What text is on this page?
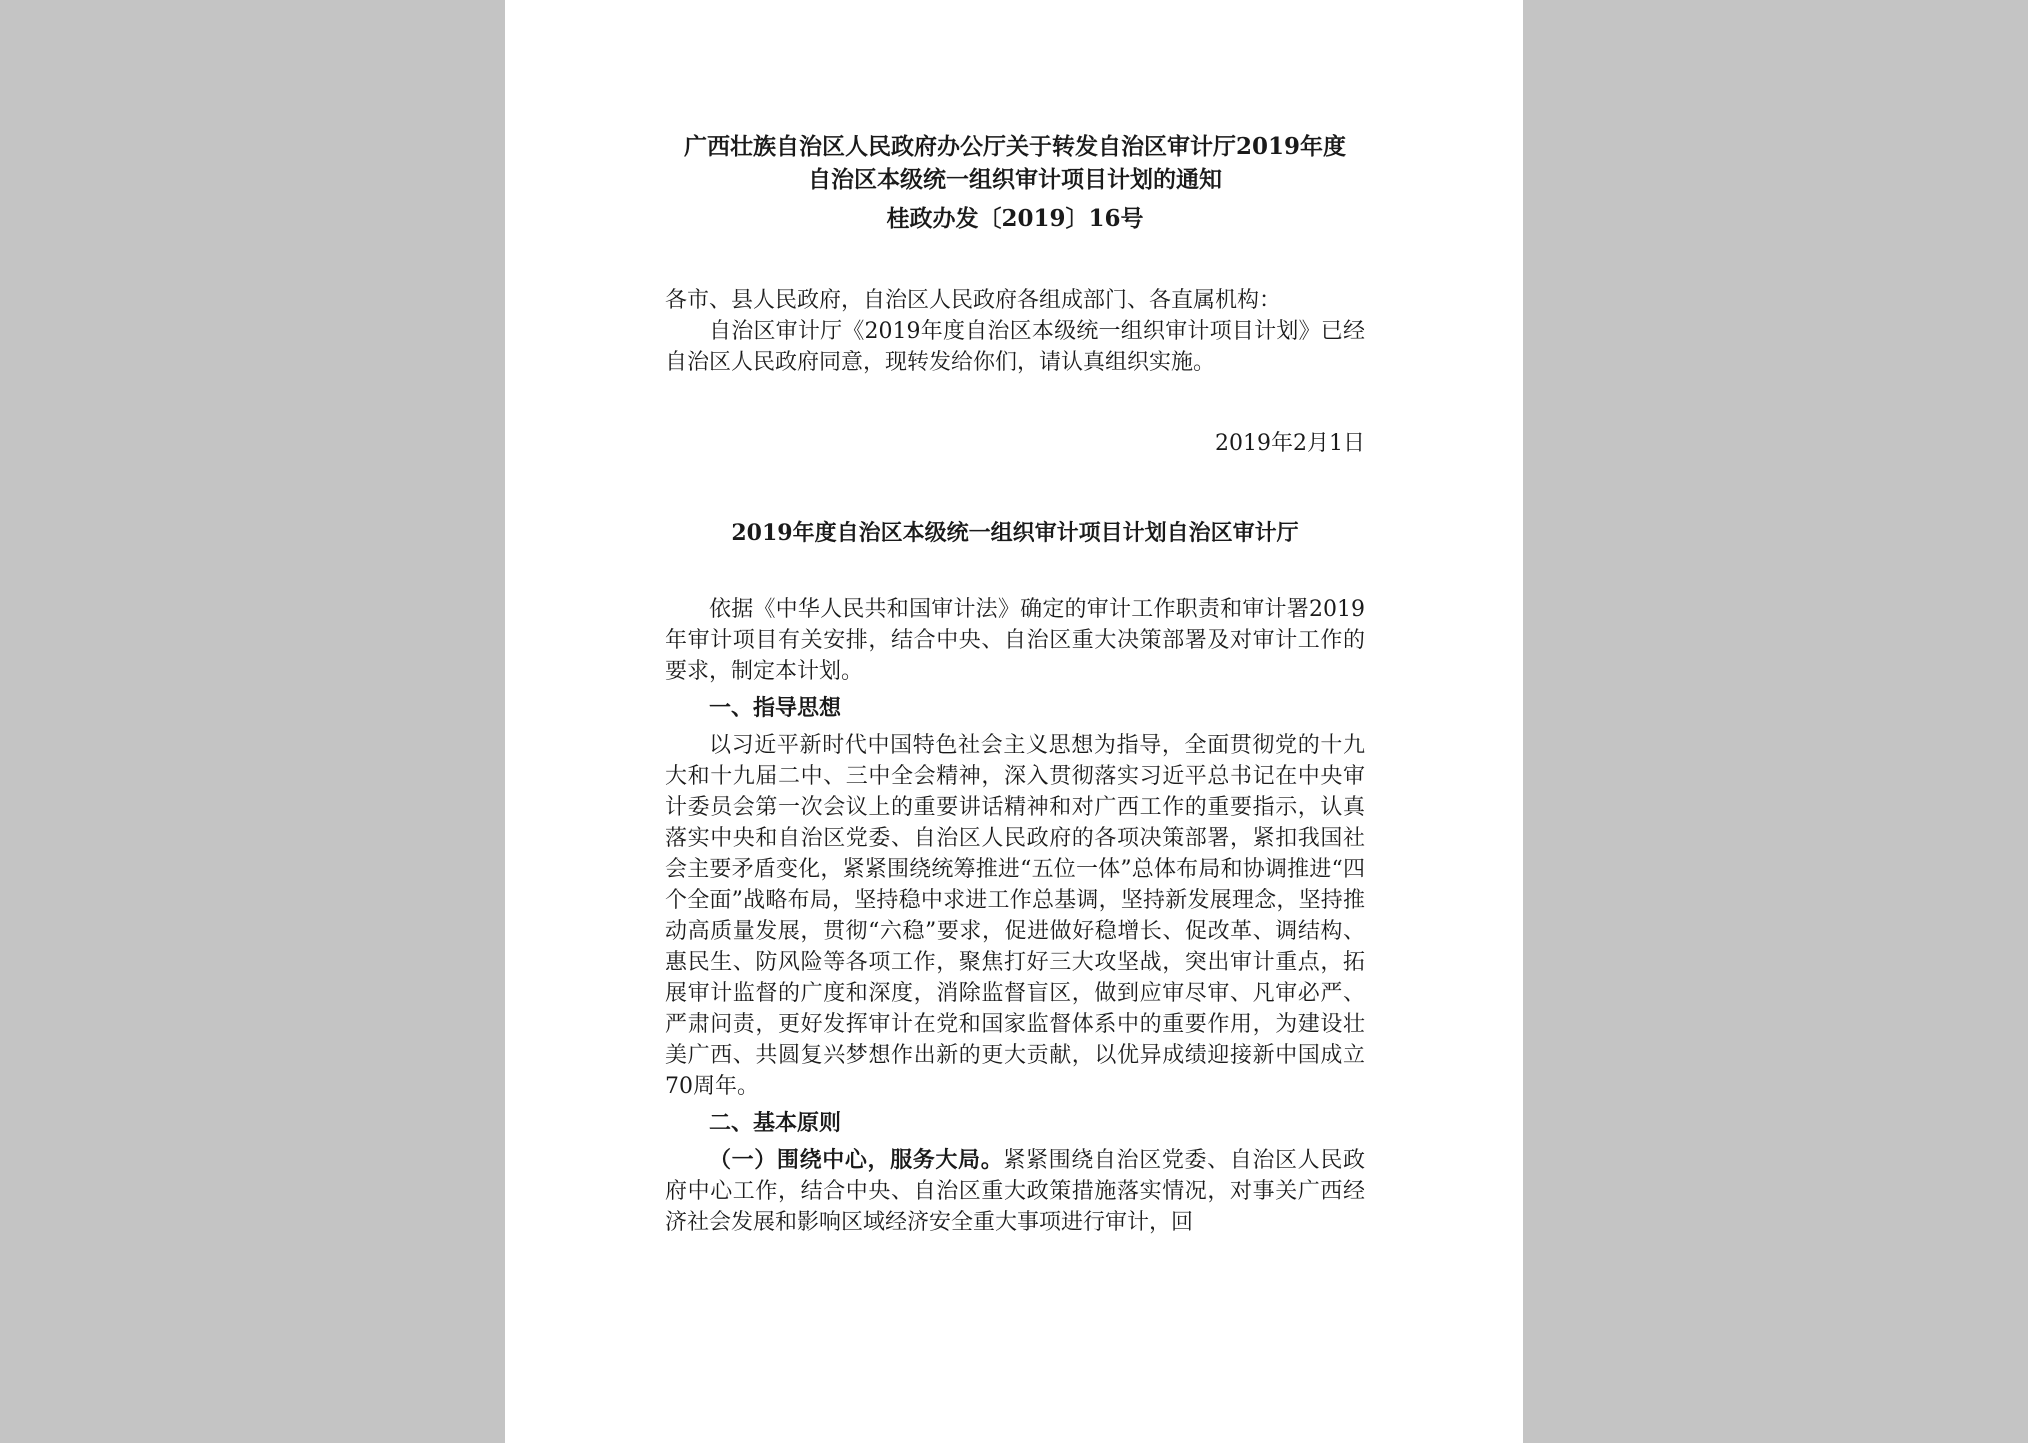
广西壮族自治区人民政府办公厅关于转发自治区审计厅2019年度
自治区本级统一组织审计项目计划的通知
桂政办发〔2019〕16号

各市、县人民政府，自治区人民政府各组成部门、各直属机构：

自治区审计厅《2019年度自治区本级统一组织审计项目计划》已经自治区人民政府同意，现转发给你们，请认真组织实施。

2019年2月1日

2019年度自治区本级统一组织审计项目计划自治区审计厅

依据《中华人民共和国审计法》确定的审计工作职责和审计署2019年审计项目有关安排，结合中央、自治区重大决策部署及对审计工作的要求，制定本计划。

一、指导思想

以习近平新时代中国特色社会主义思想为指导，全面贯彻党的十九大和十九届二中、三中全会精神，深入贯彻落实习近平总书记在中央审计委员会第一次会议上的重要讲话精神和对广西工作的重要指示，认真落实中央和自治区党委、自治区人民政府的各项决策部署，紧扣我国社会主要矛盾变化，紧紧围绕统筹推进“五位一体”总体布局和协调推进“四个全面”战略布局，坚持稳中求进工作总基调，坚持新发展理念，坚持推动高质量发展，贯彻“六稳”要求，促进做好稳增长、促改革、调结构、惠民生、防风险等各项工作，聚焦打好三大攻坚战，突出审计重点，拓展审计监督的广度和深度，消除监督盲区，做到应审尽审、凡审必严、严肃问责，更好发挥审计在党和国家监督体系中的重要作用，为建设壮美广西、共圆复兴梦想作出新的更大贡献，以优异成绩迎接新中国成立70周年。

二、基本原则

（一）围绕中心，服务大局。紧紧围绕自治区党委、自治区人民政府中心工作，结合中央、自治区重大政策措施落实情况，对事关广西经济社会发展和影响区域经济安全重大事项进行审计，回
